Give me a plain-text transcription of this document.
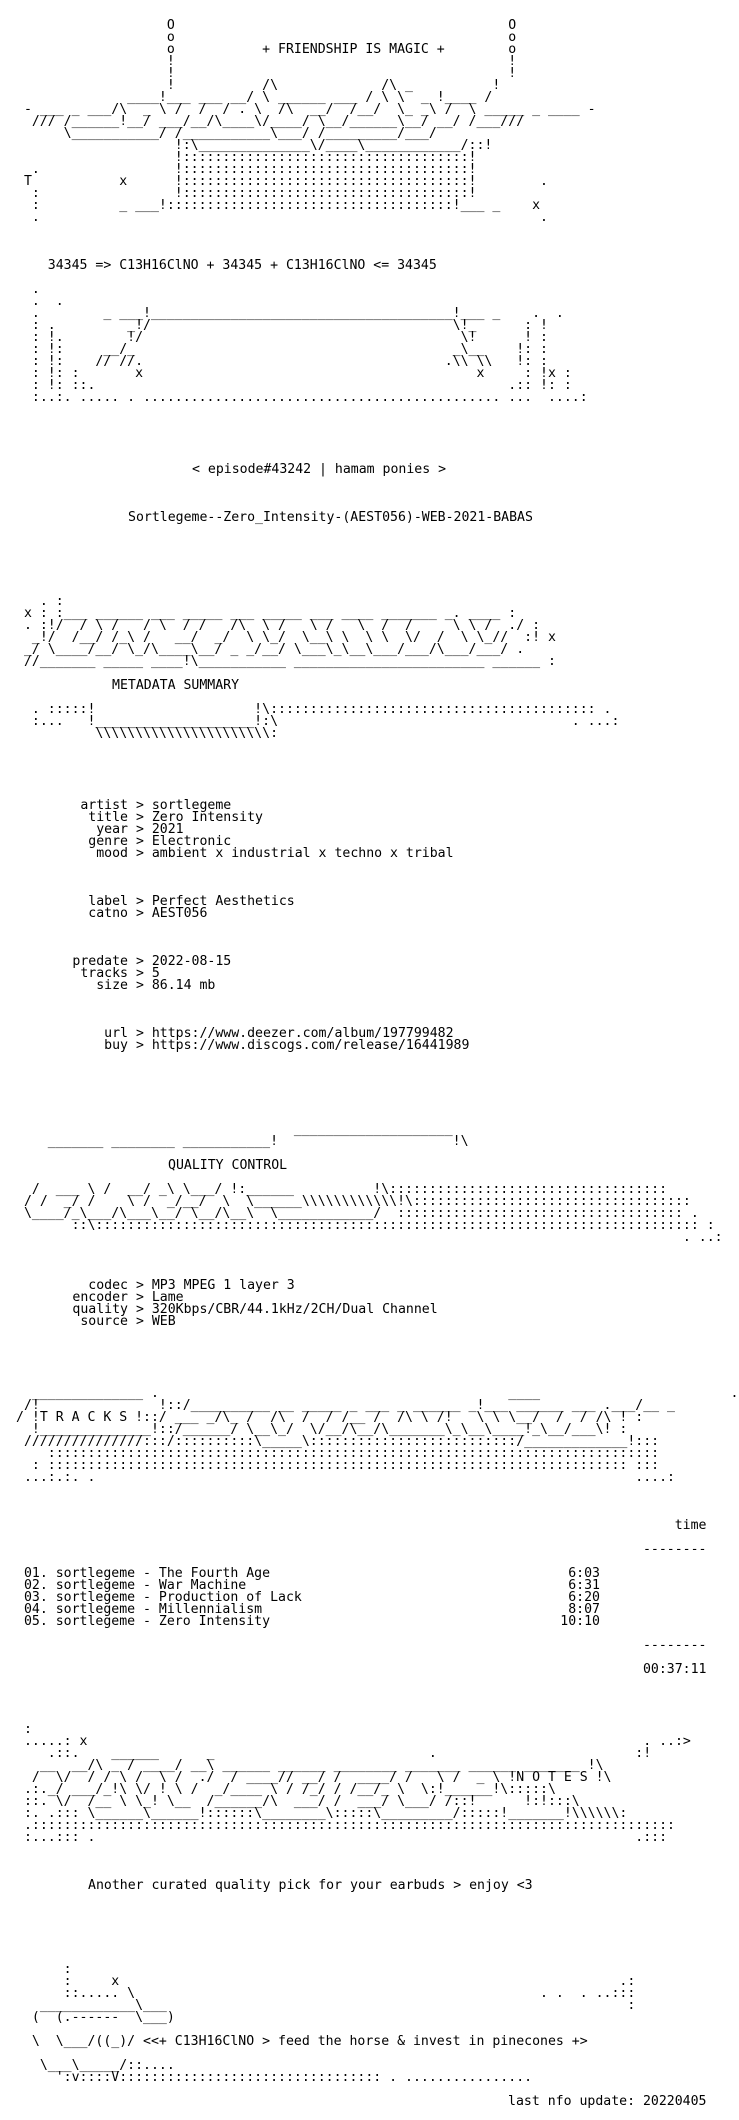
O                                          O
o                                          o
o           + FRIENDSHIP IS MAGIC +        o
!                                          !
!                                          !
!           /\             /\ _          !
____!___ ___ __/ \ ______ ___ / \ \  _ !____ /
- ___ _ ___/\  _ \ /  /  / . \  /\  __/  /__/  \_ _\ /  \ _____ _ ____ -
/// /______!__/ ___/__/\____\/____/ \__/______\__/ __/ /___///
\___________/ /___________\___/ /_________/___/
!:\______________\/____\____________/::!
!::::::::::::::::::::::::::::::::::::!
.                 !::::::::::::::::::::::::::::::::::::!
T           x      !::::::::::::::::::::::::::::::::::::!        .
:                 !::::::::::::::::::::::::::::::::::::!
:          _ ___!::::::::::::::::::::::::::::::::::::!___ _    x
.                                                               .

34345 => C13H16ClNO + 34345 + C13H16ClNO <= 34345

.
.  .
.        _ ___!______________________________________!___ _    .  .
: .         _!/                                      \!_      : !
: !.        !/                                        \!      ! :
: !:     __/_                                        _\__    !: :
: !:    // //.                                      .\\ \\   !: :
: !: :       x                                          x     : !x :
: !: ::.                                                    .:: !: :
:..:. ..... . ............................................. ...  ....:

< episode#43242 | hamam ponies >

Sortlegeme--Zero_Intensity-(AEST056)-WEB-2021-BABAS

. :
x : :___ ______ ___ _____ ___ _____ ___ ____ _______ _. ____ :
. :!/  / \ /   / \  / /   /\  \ /   \ /   \  /  /     \ \ /  ./ :
_!/  /__/ /_\ /   __/  _/  \ \_/  \__\ \  \ \  \/  /  \ \_//  :! x
_/ \____/__/ \_/\____\__/ _ _/__/ \___\_\__\___/___/\___/___/ .
//_______ _____ ____!\___________ ________________________ ______ :

METADATA SUMMARY

. :::::!                    !\::::::::::::::::::::::::::::::::::::::::: .
:...   !____________________!:\                                     . ...:
\\\\\\\\\\\\\\\\\\\\\\:

artist > sortlegeme
title > Zero Intensity
year > 2021
genre > Electronic
mood > ambient x industrial x techno x tribal

label > Perfect Aesthetics
catno > AEST056

predate > 2022-08-15
tracks > 5
size > 86.14 mb

url > https://www.deezer.com/album/197799482
buy > https://www.discogs.com/release/16441989

____________________
_______ ________ ___________!                      !\

QUALITY CONTROL

/  ___ \ /  __/ _\ \___/ !:______          !\:::::::::::::::::::::::::::::::::::
/ /  _/ /    \ /  _/__/  \  \______\\\\\\\\\\\\!\:::::::::::::::::::::::::::::::::::
\____/_\___/\___\__/ \__/\__\  \____________/  :::::::::::::::::::::::::::::::::::: .
::\:::::::::::::::::::::::::::::::::::::::::::::::::::::::::::::::::::::::::::: :
. ..:

codec > MP3 MPEG 1 layer 3
encoder > Lame
quality > 320Kbps/CBR/44.1kHz/2CH/Dual Channel
source > WEB

______________ .                                            ____                        .
/!               !::/__________ __ _____ _ ___ _ ______ _!___ ______ ___ .___/__ _
/ !T R A C K S !::/ ___ _/\_ /  /\  /  / /__ /  /\ \ /!   \ \ \__/  /  / /\ ! :
!______________!::/______/ \__\_/  \/__/\__/\_______\_\__\____!_\__/___\! :
///////////////:::/::::::::::\_____\::::::::::::::::::::::::::/_____________!:::
:::::::::::::::::::::::::::::::::::::::::::::::::::::::::::::::::::::::::::::
: ::::::::::::::::::::::::::::::::::::::::::::::::::::::::::::::::::::::::: :::
...:.:. .                                                                    ....:

time

--------

01. sortlegeme - The Fourth Age	6:03
02. sortlegeme - War Machine	6:31
03. sortlegeme - Production of Lack	6:20
04. sortlegeme - Millennialism	8:07
05. sortlegeme - Zero Intensity	10:10

--------

00:37:11

:
.....: x                                                                      . ..:>
.::.    ______      _                           .                         :!
__  __/\ _ / ____/ __\ ______ ______ ________ _______ ______ _______ !\
/  \/  / / \ /  \ /  ./  / ____// __/ /  ____/ /   \ /  _ \ !N O T E S !\
.:._/ ___/_!\ \/ ! \ /  _/____ \ / /_/ / /__/_ \  \:!______!\:::::\
::. \/  /__ \ \_! \__  /______/\  ___/ /  ___/ \___/ /::!      !:!:::\
:. .::: \______\______!::::::\________\:::::\_________/:::::!_______!\\\\\\:
.:::::::::::::::::::::::::::::::::::::::::::::::::::::::::::::::::::::::::::::::::
:...::: .                                                                    .:::

Another curated quality pick for your earbuds > enjoy <3

:
:     x                                                               .:
::..... \                                                   . .  . ..:::
____________\___                                                          :
(  (.------  \___)

\  \___/((_)/ <<+ C13H16ClNO > feed the horse & invest in pinecones +>

\___\_____/::....
':v::::V::::::::::::::::::::::::::::::::: . ................

last nfo update: 20220405
